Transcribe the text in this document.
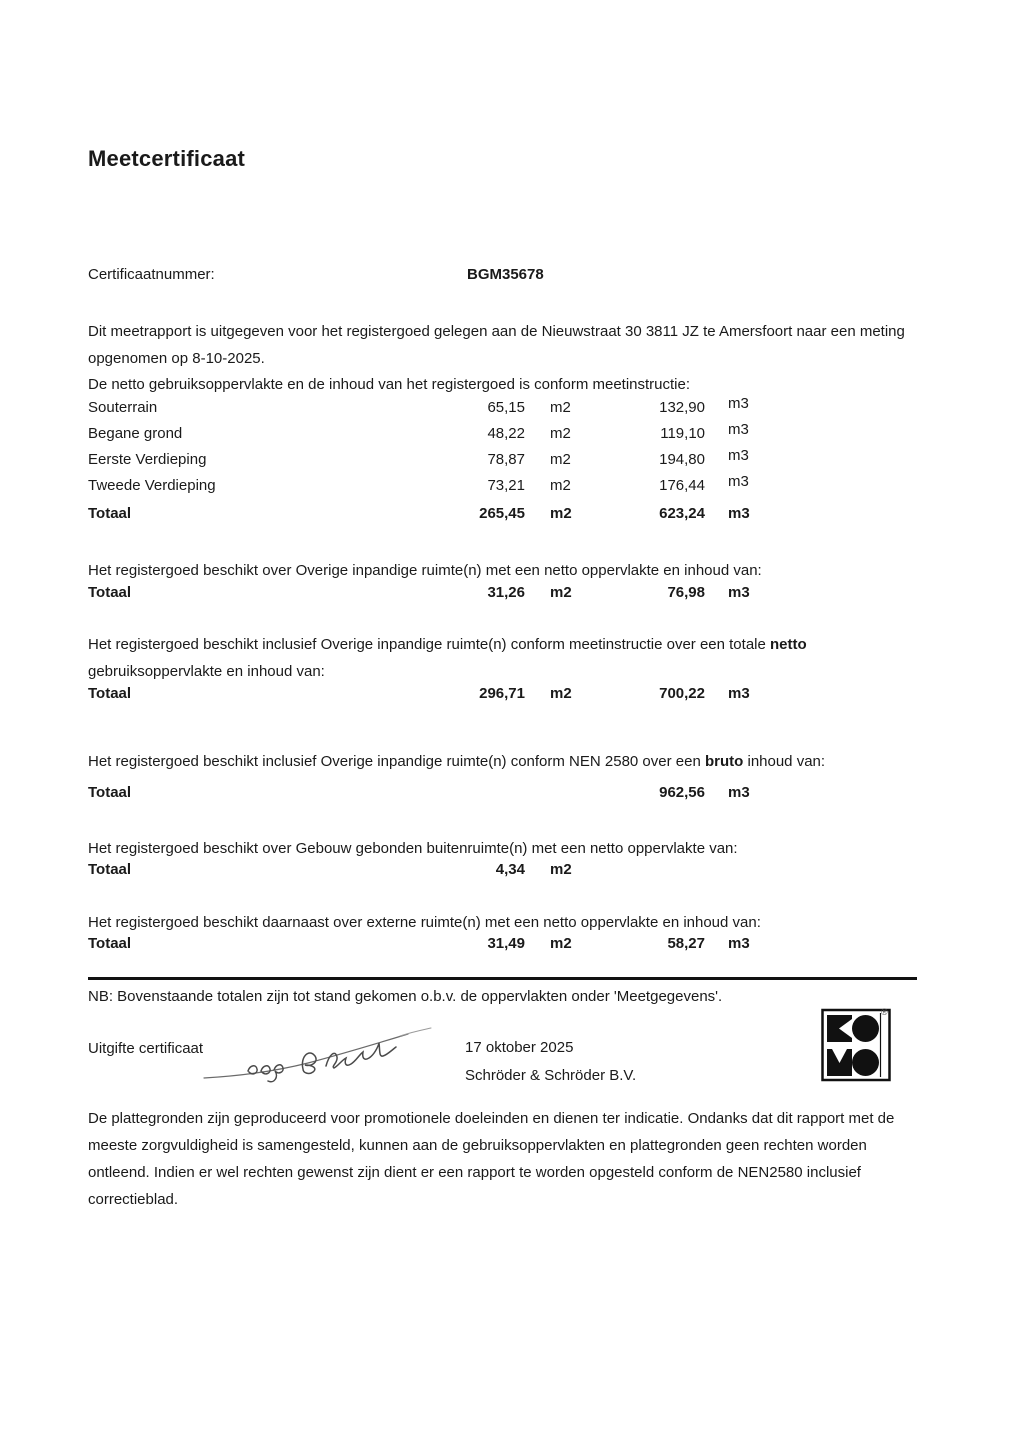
Meetcertificaat
Certificaatnummer:	BGM35678
Dit meetrapport is uitgegeven voor het registergoed gelegen aan de Nieuwstraat 30 3811 JZ te Amersfoort naar een meting opgenomen op 8-10-2025.
De netto gebruiksoppervlakte en de inhoud van het registergoed is conform meetinstructie:
Souterrain	65,15 m2	132,90 m3
Begane grond	48,22 m2	119,10 m3
Eerste Verdieping	78,87 m2	194,80 m3
Tweede Verdieping	73,21 m2	176,44 m3
Totaal	265,45 m2	623,24 m3
Het registergoed beschikt over Overige inpandige ruimte(n) met een netto oppervlakte en inhoud van:
Totaal	31,26 m2	76,98 m3
Het registergoed beschikt inclusief Overige inpandige ruimte(n) conform meetinstructie over een totale netto gebruiksoppervlakte en inhoud van:
Totaal	296,71 m2	700,22 m3
Het registergoed beschikt inclusief Overige inpandige ruimte(n) conform NEN 2580 over een bruto inhoud van:
Totaal	962,56 m3
Het registergoed beschikt over Gebouw gebonden buitenruimte(n) met een netto oppervlakte van:
Totaal	4,34 m2
Het registergoed beschikt daarnaast over externe ruimte(n) met een netto oppervlakte en inhoud van:
Totaal	31,49 m2	58,27 m3
NB: Bovenstaande totalen zijn tot stand gekomen o.b.v. de oppervlakten onder 'Meetgegevens'.
Uitgifte certificaat	17 oktober 2025
Schröder & Schröder B.V.
®
De plattegronden zijn geproduceerd voor promotionele doeleinden en dienen ter indicatie. Ondanks dat dit rapport met de meeste zorgvuldigheid is samengesteld, kunnen aan de gebruiksoppervlakten en plattegronden geen rechten worden ontleend. Indien er wel rechten gewenst zijn dient er een rapport te worden opgesteld conform de NEN2580 inclusief correctieblad.
